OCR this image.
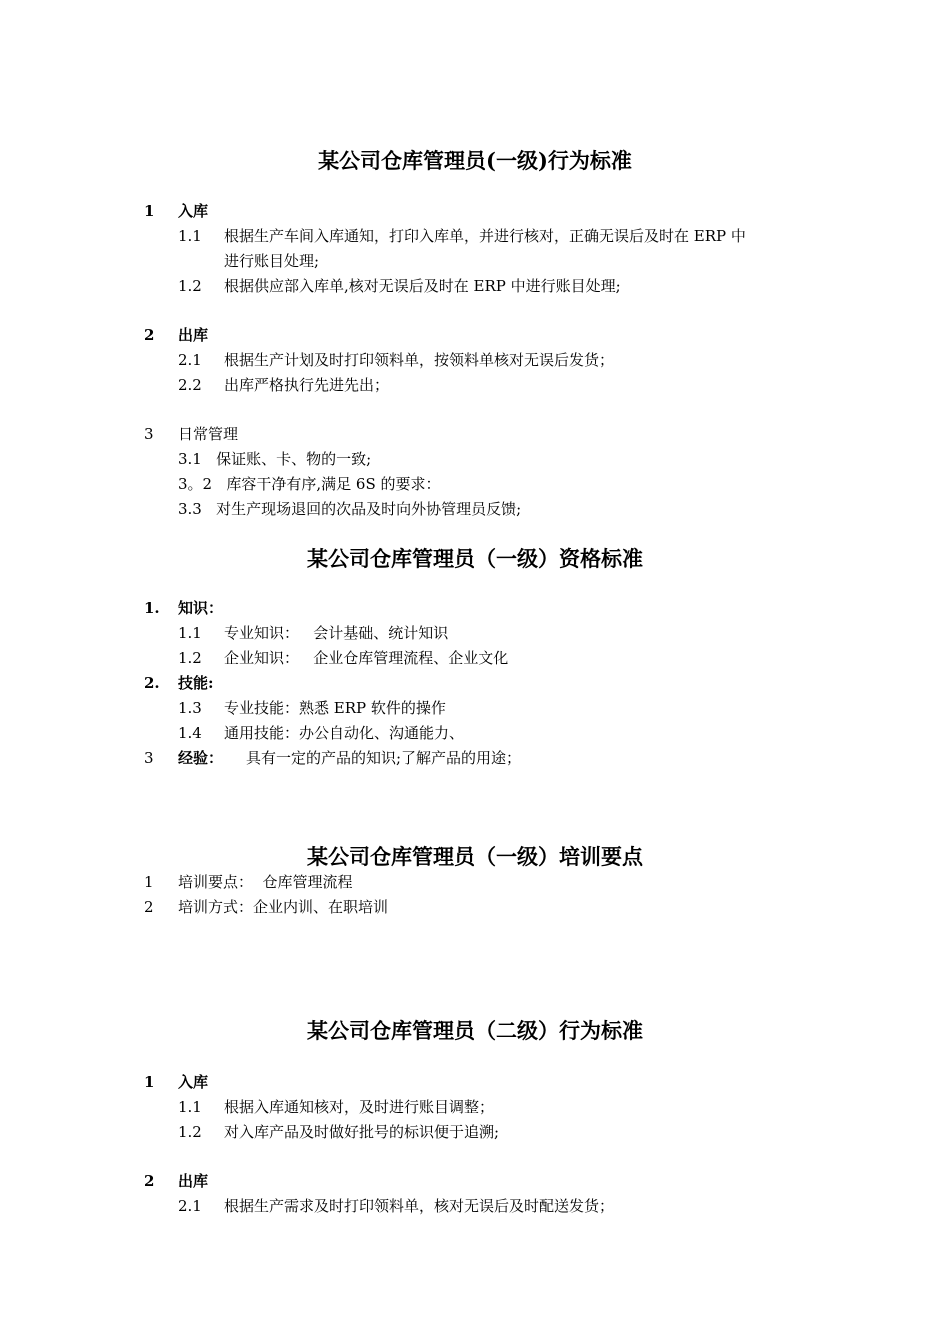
某公司仓库管理员(一级)行为标准
1 入库
1.1 根据生产车间入库通知，打印入库单，并进行核对，正确无误后及时在 ERP 中
进行账目处理;
1.2 根据供应部入库单,核对无误后及时在 ERP 中进行账目处理;
2 出库
2.1 根据生产计划及时打印领料单，按领料单核对无误后发货；
2.2 出库严格执行先进先出；
3 日常管理
3.1   保证账、卡、物的一致;
3。2   库容干净有序,满足 6S 的要求：
3.3   对生产现场退回的次品及时向外协管理员反馈;
某公司仓库管理员（一级）资格标准
1. 知识：
1.1 专业知识：   会计基础、统计知识
1.2 企业知识：   企业仓库管理流程、企业文化
2. 技能:
1.3 专业技能：熟悉 ERP 软件的操作
1.4 通用技能：办公自动化、沟通能力、
3 经验： 具有一定的产品的知识;了解产品的用途；
某公司仓库管理员（一级）培训要点
1 培训要点：  仓库管理流程
2 培训方式：企业内训、在职培训
某公司仓库管理员（二级）行为标准
1 入库
1.1 根据入库通知核对，及时进行账目调整；
1.2 对入库产品及时做好批号的标识便于追溯;
2 出库
2.1 根据生产需求及时打印领料单，核对无误后及时配送发货；
